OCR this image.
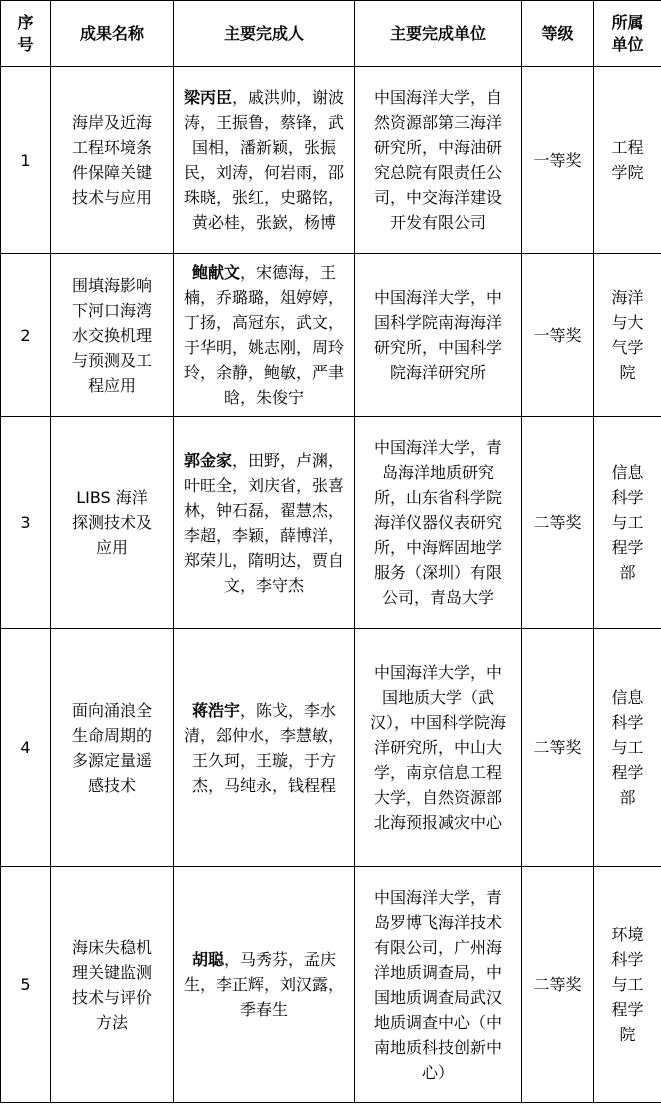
序号	成果名称	主要完成人	主要完成单位	等级	所属单位
1	海岸及近海工程环境条件保障关键技术与应用	梁丙臣，戚洪帅，谢波涛，王振鲁，蔡锋，武国相，潘新颖，张振民，刘涛，何岩雨，邵珠晓，张红，史璐铭，黄必桂，张嶔，杨博	中国海洋大学，自然资源部第三海洋研究所，中海油研究总院有限责任公司，中交海洋建设开发有限公司	一等奖	工程学院
2	围填海影响下河口海湾水交换机理与预测及工程应用	鲍献文，宋德海，王楠，乔璐璐，俎婷婷，丁扬，高冠东，武文，于华明，姚志刚，周玲玲，余静，鲍敏，严聿晗，朱俊宁	中国海洋大学，中国科学院南海海洋研究所，中国科学院海洋研究所	一等奖	海洋与大气学院
3	LIBS 海洋探测技术及应用	郭金家，田野，卢渊，叶旺全，刘庆省，张喜林，钟石磊，翟慧杰，李超，李颖，薛博洋，郑荣儿，隋明达，贾自文，李守杰	中国海洋大学，青岛海洋地质研究所，山东省科学院海洋仪器仪表研究所，中海辉固地学服务（深圳）有限公司，青岛大学	二等奖	信息科学与工程学部
4	面向涌浪全生命周期的多源定量遥感技术	蒋浩宇，陈戈，李水清，郐仲水，李慧敏，王久珂，王璇，于方杰，马纯永，钱程程	中国海洋大学，中国地质大学（武汉），中国科学院海洋研究所，中山大学，南京信息工程大学，自然资源部北海预报减灾中心	二等奖	信息科学与工程学部
5	海床失稳机理关键监测技术与评价方法	胡聪，马秀芬，孟庆生，李正辉，刘汉露，季春生	中国海洋大学，青岛罗博飞海洋技术有限公司，广州海洋地质调查局，中国地质调查局武汉地质调查中心（中南地质科技创新中心）	二等奖	环境科学与工程学院
